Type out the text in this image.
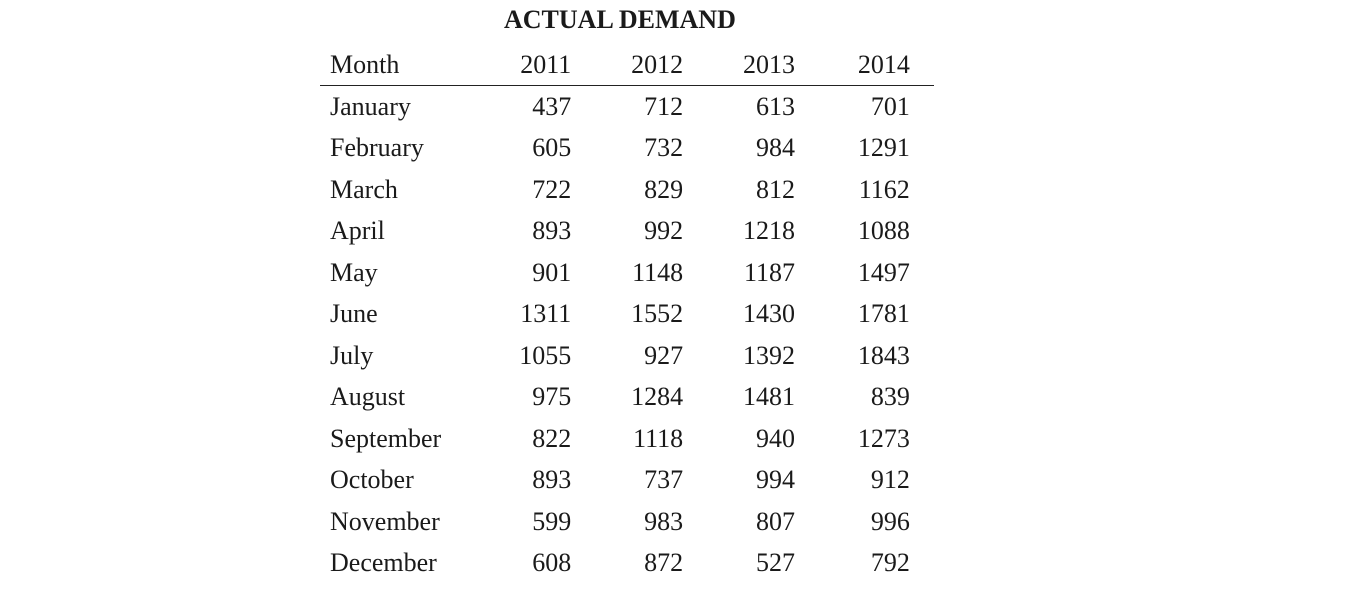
ACTUAL DEMAND
Month	2011	2012	2013	2014	
January	437	712	613	701	
February	605	732	984	1291	
March	722	829	812	1162	
April	893	992	1218	1088	
May	901	1148	1187	1497	
June	1311	1552	1430	1781	
July	1055	927	1392	1843	
August	975	1284	1481	839	
September	822	1118	940	1273	
October	893	737	994	912	
November	599	983	807	996	
December	608	872	527	792	
